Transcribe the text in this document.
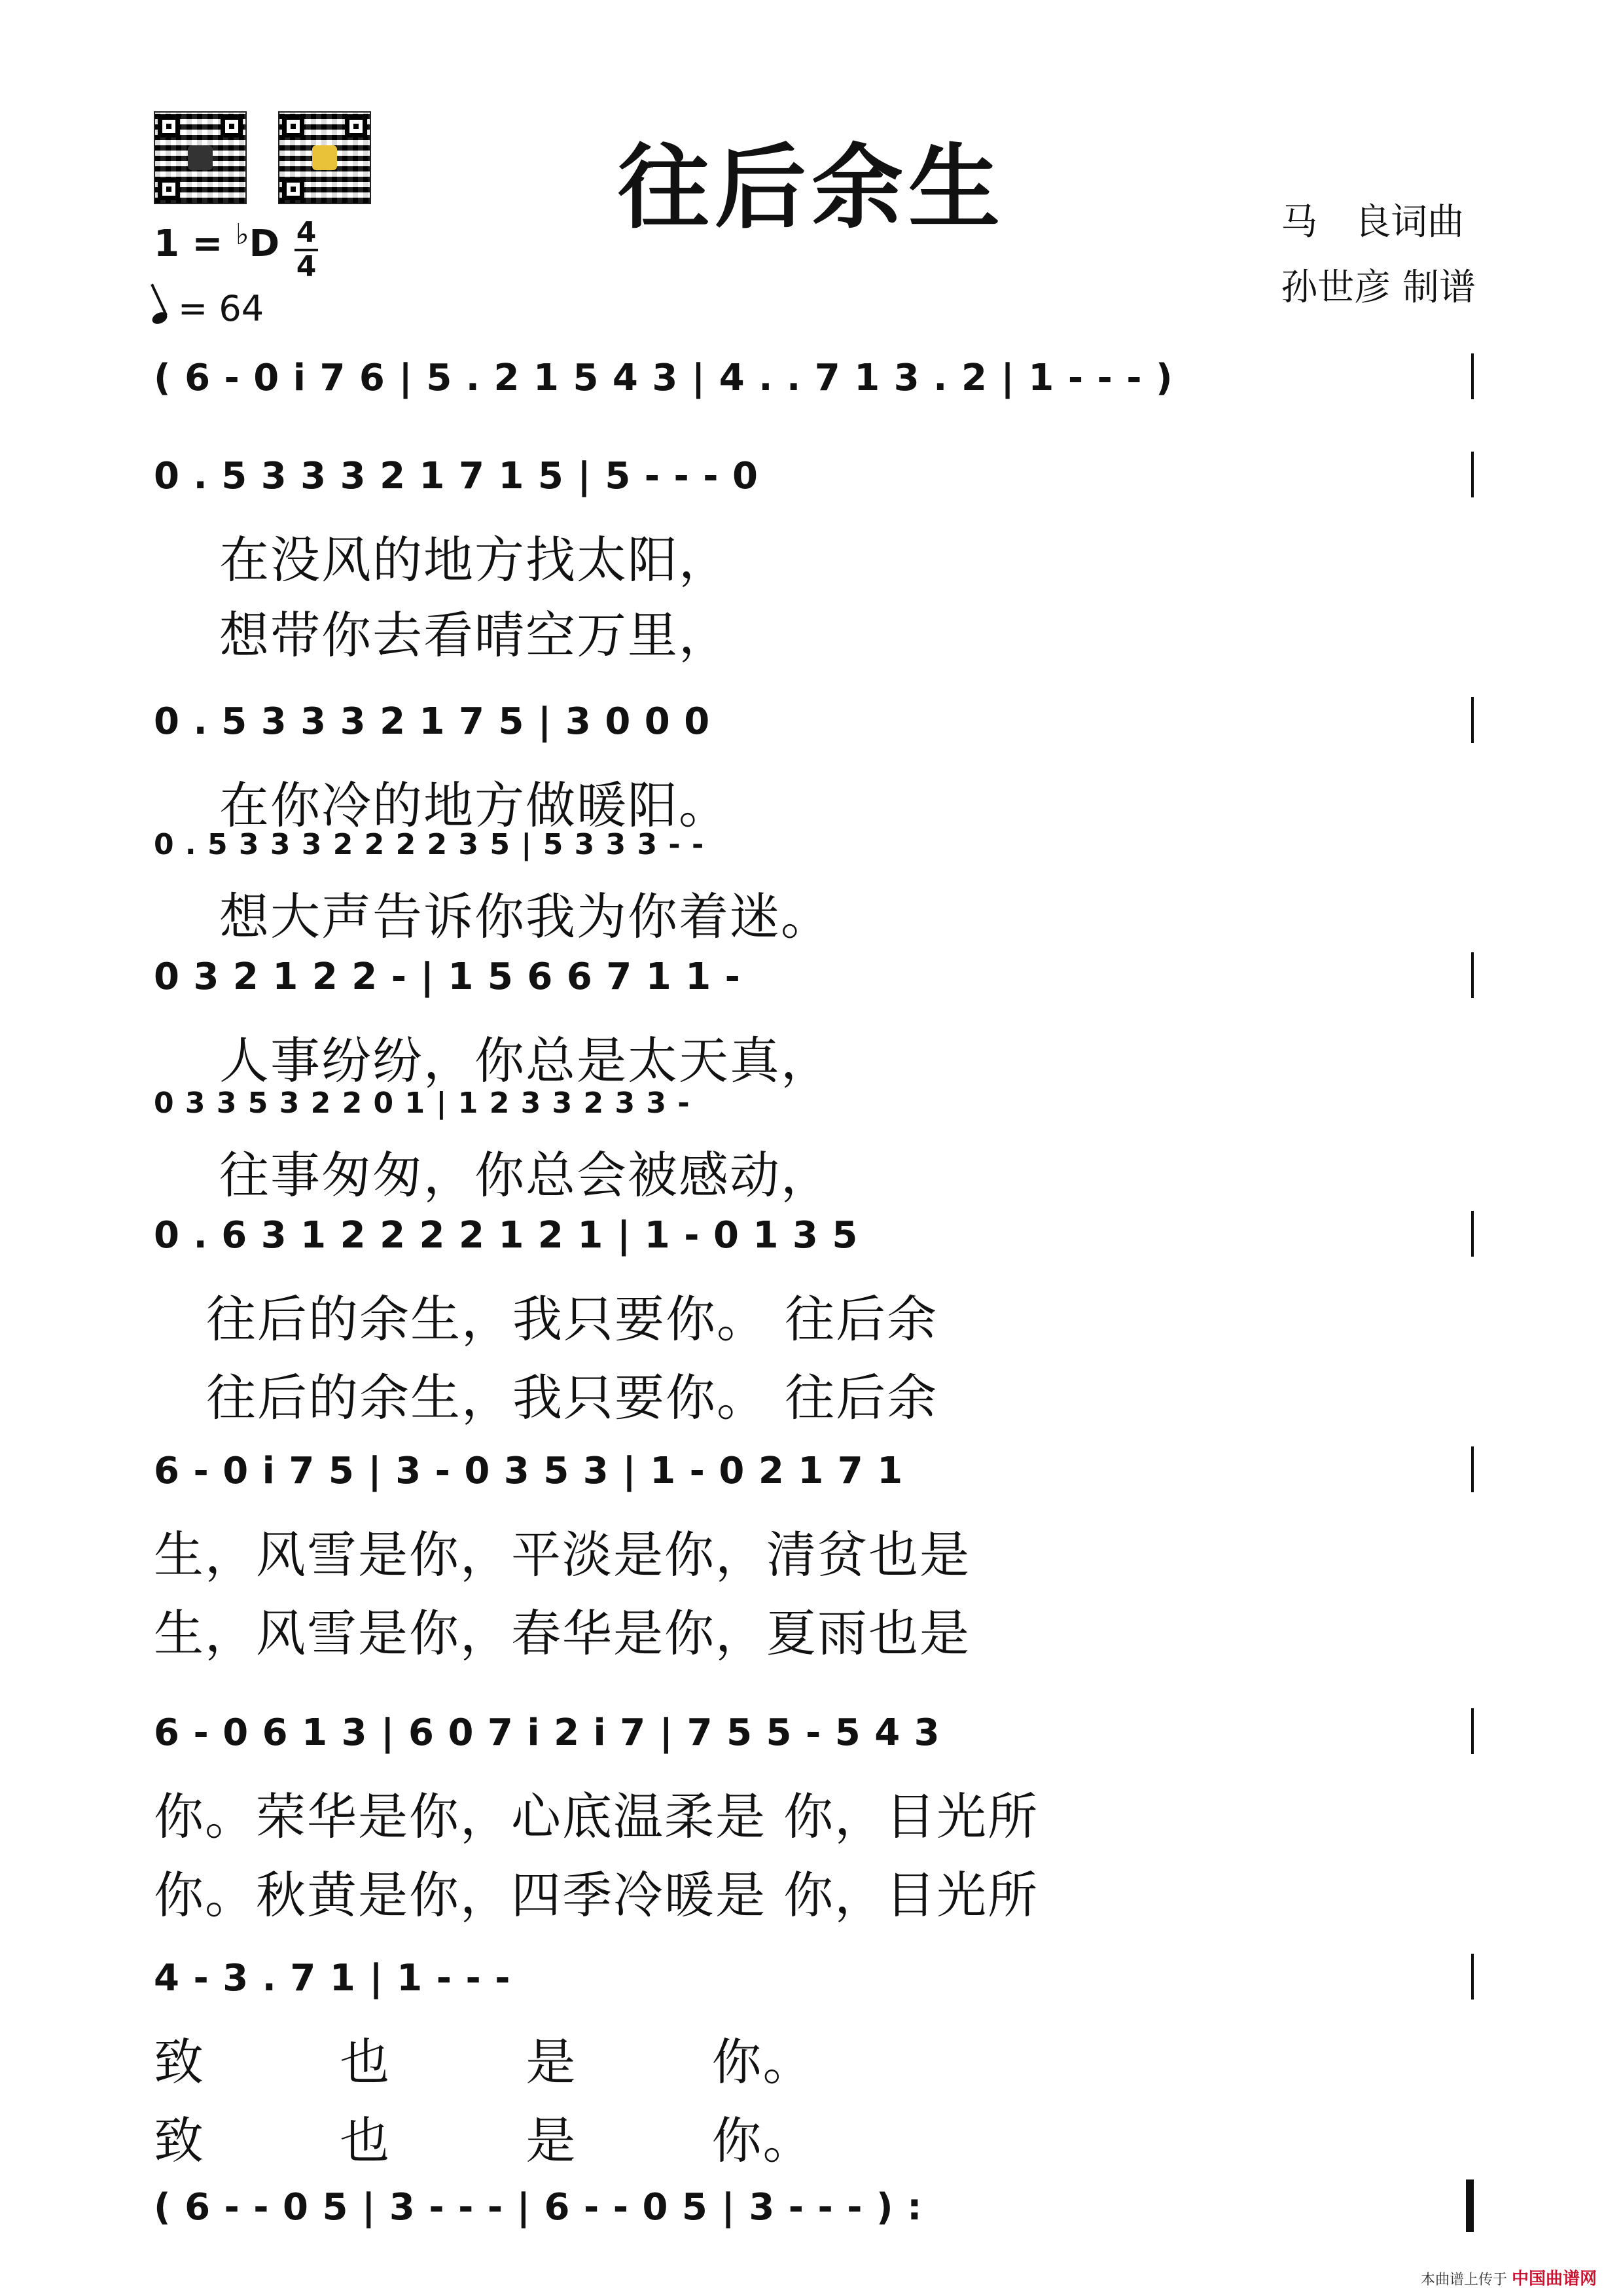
往后余生	马　良词曲
孙世彦 制谱
1 = ♭D 4
4
= 64
( 6 - 0 i 7 6 | 5 . 2 1 5 4 3 | 4 . . 7 1 3 . 2 | 1 - - - )
0 . 5 3 3 3 2 1 7 1 5 | 5 - - - 0
在没风的地方找太阳，
想带你去看晴空万里，
0 . 5 3 3 3 2 1 7 5 | 3 0 0 0
在你冷的地方做暖阳。
0 . 5 3 3 3 2 2 2 2 3 5 | 5 3 3 3 - -
想大声告诉你我为你着迷。
0 3 2 1 2 2 - | 1 5 6 6 7 1 1 -
人事纷纷，你总是太天真，
0 3 3 5 3 2 2 0 1 | 1 2 3 3 2 3 3 -
往事匆匆，你总会被感动，
0 . 6 3 1 2 2 2 2 1 2 1 | 1 - 0 1 3 5
往后的余生，我只要你。 往后余
往后的余生，我只要你。 往后余
6 - 0 i 7 5 | 3 - 0 3 5 3 | 1 - 0 2 1 7 1
生，风雪是你，平淡是你，清贫也是
生，风雪是你，春华是你，夏雨也是
6 - 0 6 1 3 | 6 0 7 i 2 i 7 | 7 5 5 - 5 4 3
你。荣华是你，心底温柔是 你，目光所
你。秋黄是你，四季冷暖是 你，目光所
4 - 3 . 7 1 | 1 - - -
致 也 是 你。
致 也 是 你。
( 6 - - 0 5 | 3 - - - | 6 - - 0 5 | 3 - - - ) :
本曲谱上传于 中国曲谱网
